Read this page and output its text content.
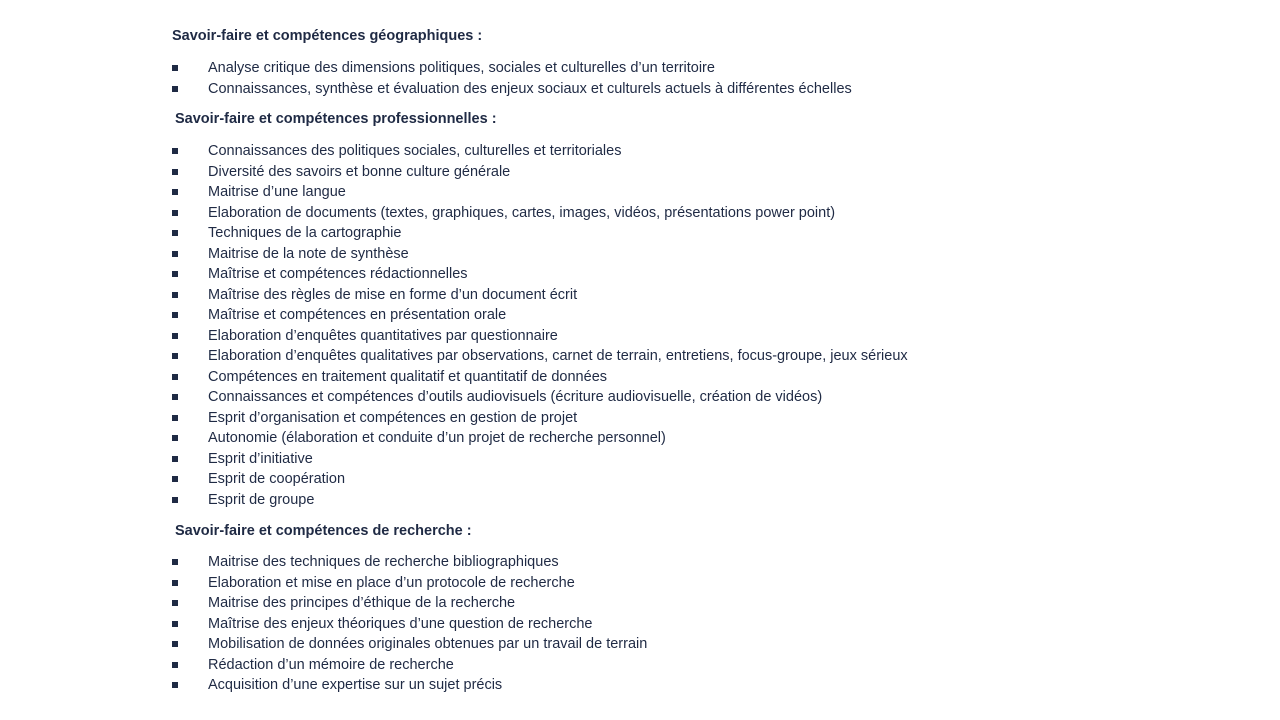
Savoir-faire et compétences géographiques :
Analyse critique des dimensions politiques, sociales et culturelles d’un territoire
Connaissances, synthèse et évaluation des enjeux sociaux et culturels actuels à différentes échelles
Savoir-faire et compétences professionnelles :
Connaissances des politiques sociales, culturelles et territoriales
Diversité des savoirs et bonne culture générale
Maitrise d’une langue
Elaboration de documents (textes, graphiques, cartes, images, vidéos, présentations power point)
Techniques de la cartographie
Maitrise de la note de synthèse
Maîtrise et compétences rédactionnelles
Maîtrise des règles de mise en forme d’un document écrit
Maîtrise et compétences en présentation orale
Elaboration d’enquêtes quantitatives par questionnaire
Elaboration d’enquêtes qualitatives par observations, carnet de terrain, entretiens, focus-groupe, jeux sérieux
Compétences en traitement qualitatif et quantitatif de données
Connaissances et compétences d’outils audiovisuels (écriture audiovisuelle, création de vidéos)
Esprit d’organisation et compétences en gestion de projet
Autonomie (élaboration et conduite d’un projet de recherche personnel)
Esprit d’initiative
Esprit de coopération
Esprit de groupe
Savoir-faire et compétences de recherche :
Maitrise des techniques de recherche bibliographiques
Elaboration et mise en place d’un protocole de recherche
Maitrise des principes d’éthique de la recherche
Maîtrise des enjeux théoriques d’une question de recherche
Mobilisation de données originales obtenues par un travail de terrain
Rédaction d’un mémoire de recherche
Acquisition d’une expertise sur un sujet précis
